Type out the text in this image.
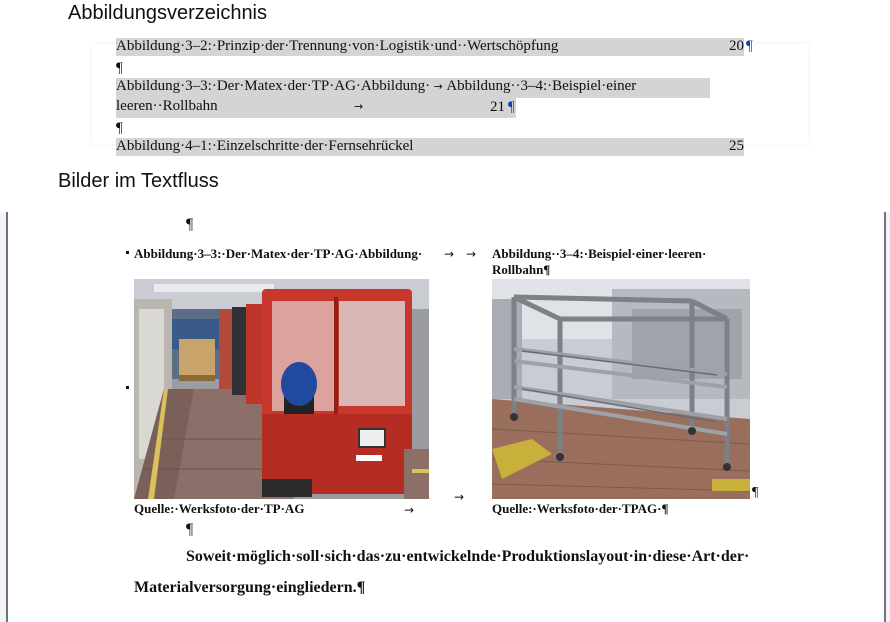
Abbildungsverzeichnis
Abbildung·3–2:·Prinzip·der·Trennung·von·Logistik·und··Wertschöpfung	20 ¶
¶
Abbildung·3–3:·Der·Matex·der·TP·AG·Abbildung· → Abbildung··3–4:·Beispiel·einer
leeren··Rollbahn	→	21 ¶
¶
Abbildung·4–1:·Einzelschritte·der·Fernsehrückel	25
Bilder im Textfluss
¶
Abbildung·3–3:·Der·Matex·der·TP·AG·Abbildung· → → Abbildung··3–4:·Beispiel·einer·leeren·
Rollbahn¶
→	¶
Quelle:·Werksfoto·der·TP·AG	→	Quelle:·Werksfoto·der·TPAG·¶
¶
Soweit·möglich·soll·sich·das·zu·entwickelnde·Produktionslayout·in·diese·Art·der·
Materialversorgung·eingliedern.¶
